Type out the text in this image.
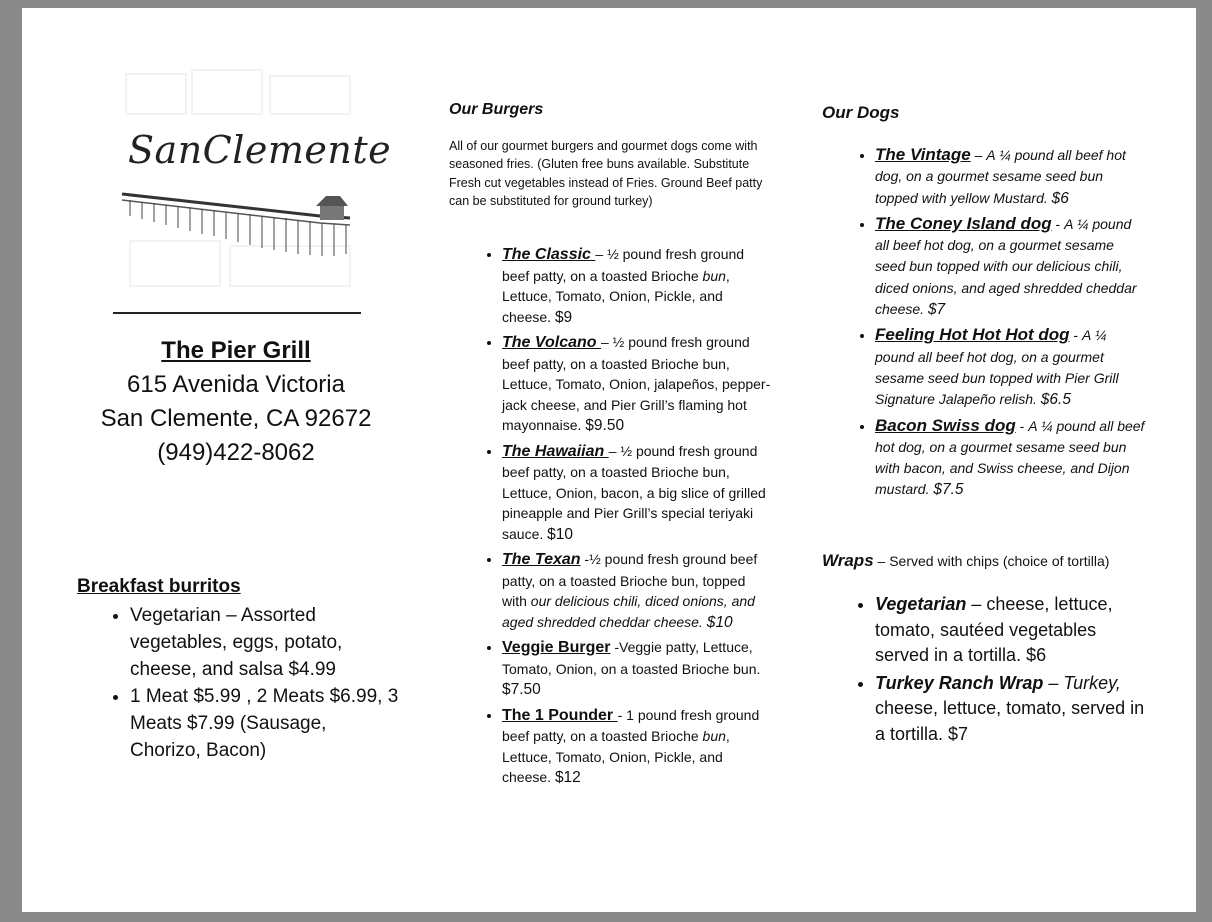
SanClemente
The Pier Grill
615 Avenida Victoria
San Clemente, CA 92672
(949)422-8062
Breakfast burritos
• Vegetarian – Assorted vegetables, eggs, potato, cheese, and salsa $4.99
• 1 Meat $5.99 , 2 Meats $6.99, 3 Meats $7.99 (Sausage, Chorizo, Bacon)
Our Burgers
All of our gourmet burgers and gourmet dogs come with seasoned fries. (Gluten free buns available. Substitute Fresh cut vegetables instead of Fries. Ground Beef patty can be substituted for ground turkey)
• The Classic – ½ pound fresh ground beef patty, on a toasted Brioche bun, Lettuce, Tomato, Onion, Pickle, and cheese. $9
• The Volcano – ½ pound fresh ground beef patty, on a toasted Brioche bun, Lettuce, Tomato, Onion, jalapeños, pepper-jack cheese, and Pier Grill’s flaming hot mayonnaise. $9.50
• The Hawaiian – ½ pound fresh ground beef patty, on a toasted Brioche bun, Lettuce, Onion, bacon, a big slice of grilled pineapple and Pier Grill’s special teriyaki sauce. $10
• The Texan -½ pound fresh ground beef patty, on a toasted Brioche bun, topped with our delicious chili, diced onions, and aged shredded cheddar cheese. $10
• Veggie Burger -Veggie patty, Lettuce, Tomato, Onion, on a toasted Brioche bun. $7.50
• The 1 Pounder - 1 pound fresh ground beef patty, on a toasted Brioche bun, Lettuce, Tomato, Onion, Pickle, and cheese. $12
Our Dogs
• The Vintage – A ¼ pound all beef hot dog, on a gourmet sesame seed bun topped with yellow Mustard. $6
• The Coney Island dog - A ¼ pound all beef hot dog, on a gourmet sesame seed bun topped with our delicious chili, diced onions, and aged shredded cheddar cheese. $7
• Feeling Hot Hot Hot dog - A ¼ pound all beef hot dog, on a gourmet sesame seed bun topped with Pier Grill Signature Jalapeño relish. $6.5
• Bacon Swiss dog - A ¼ pound all beef hot dog, on a gourmet sesame seed bun with bacon, and Swiss cheese, and Dijon mustard. $7.5
Wraps – Served with chips (choice of tortilla)
• Vegetarian – cheese, lettuce, tomato, sautéed vegetables served in a tortilla. $6
• Turkey Ranch Wrap – Turkey, cheese, lettuce, tomato, served in a tortilla. $7
